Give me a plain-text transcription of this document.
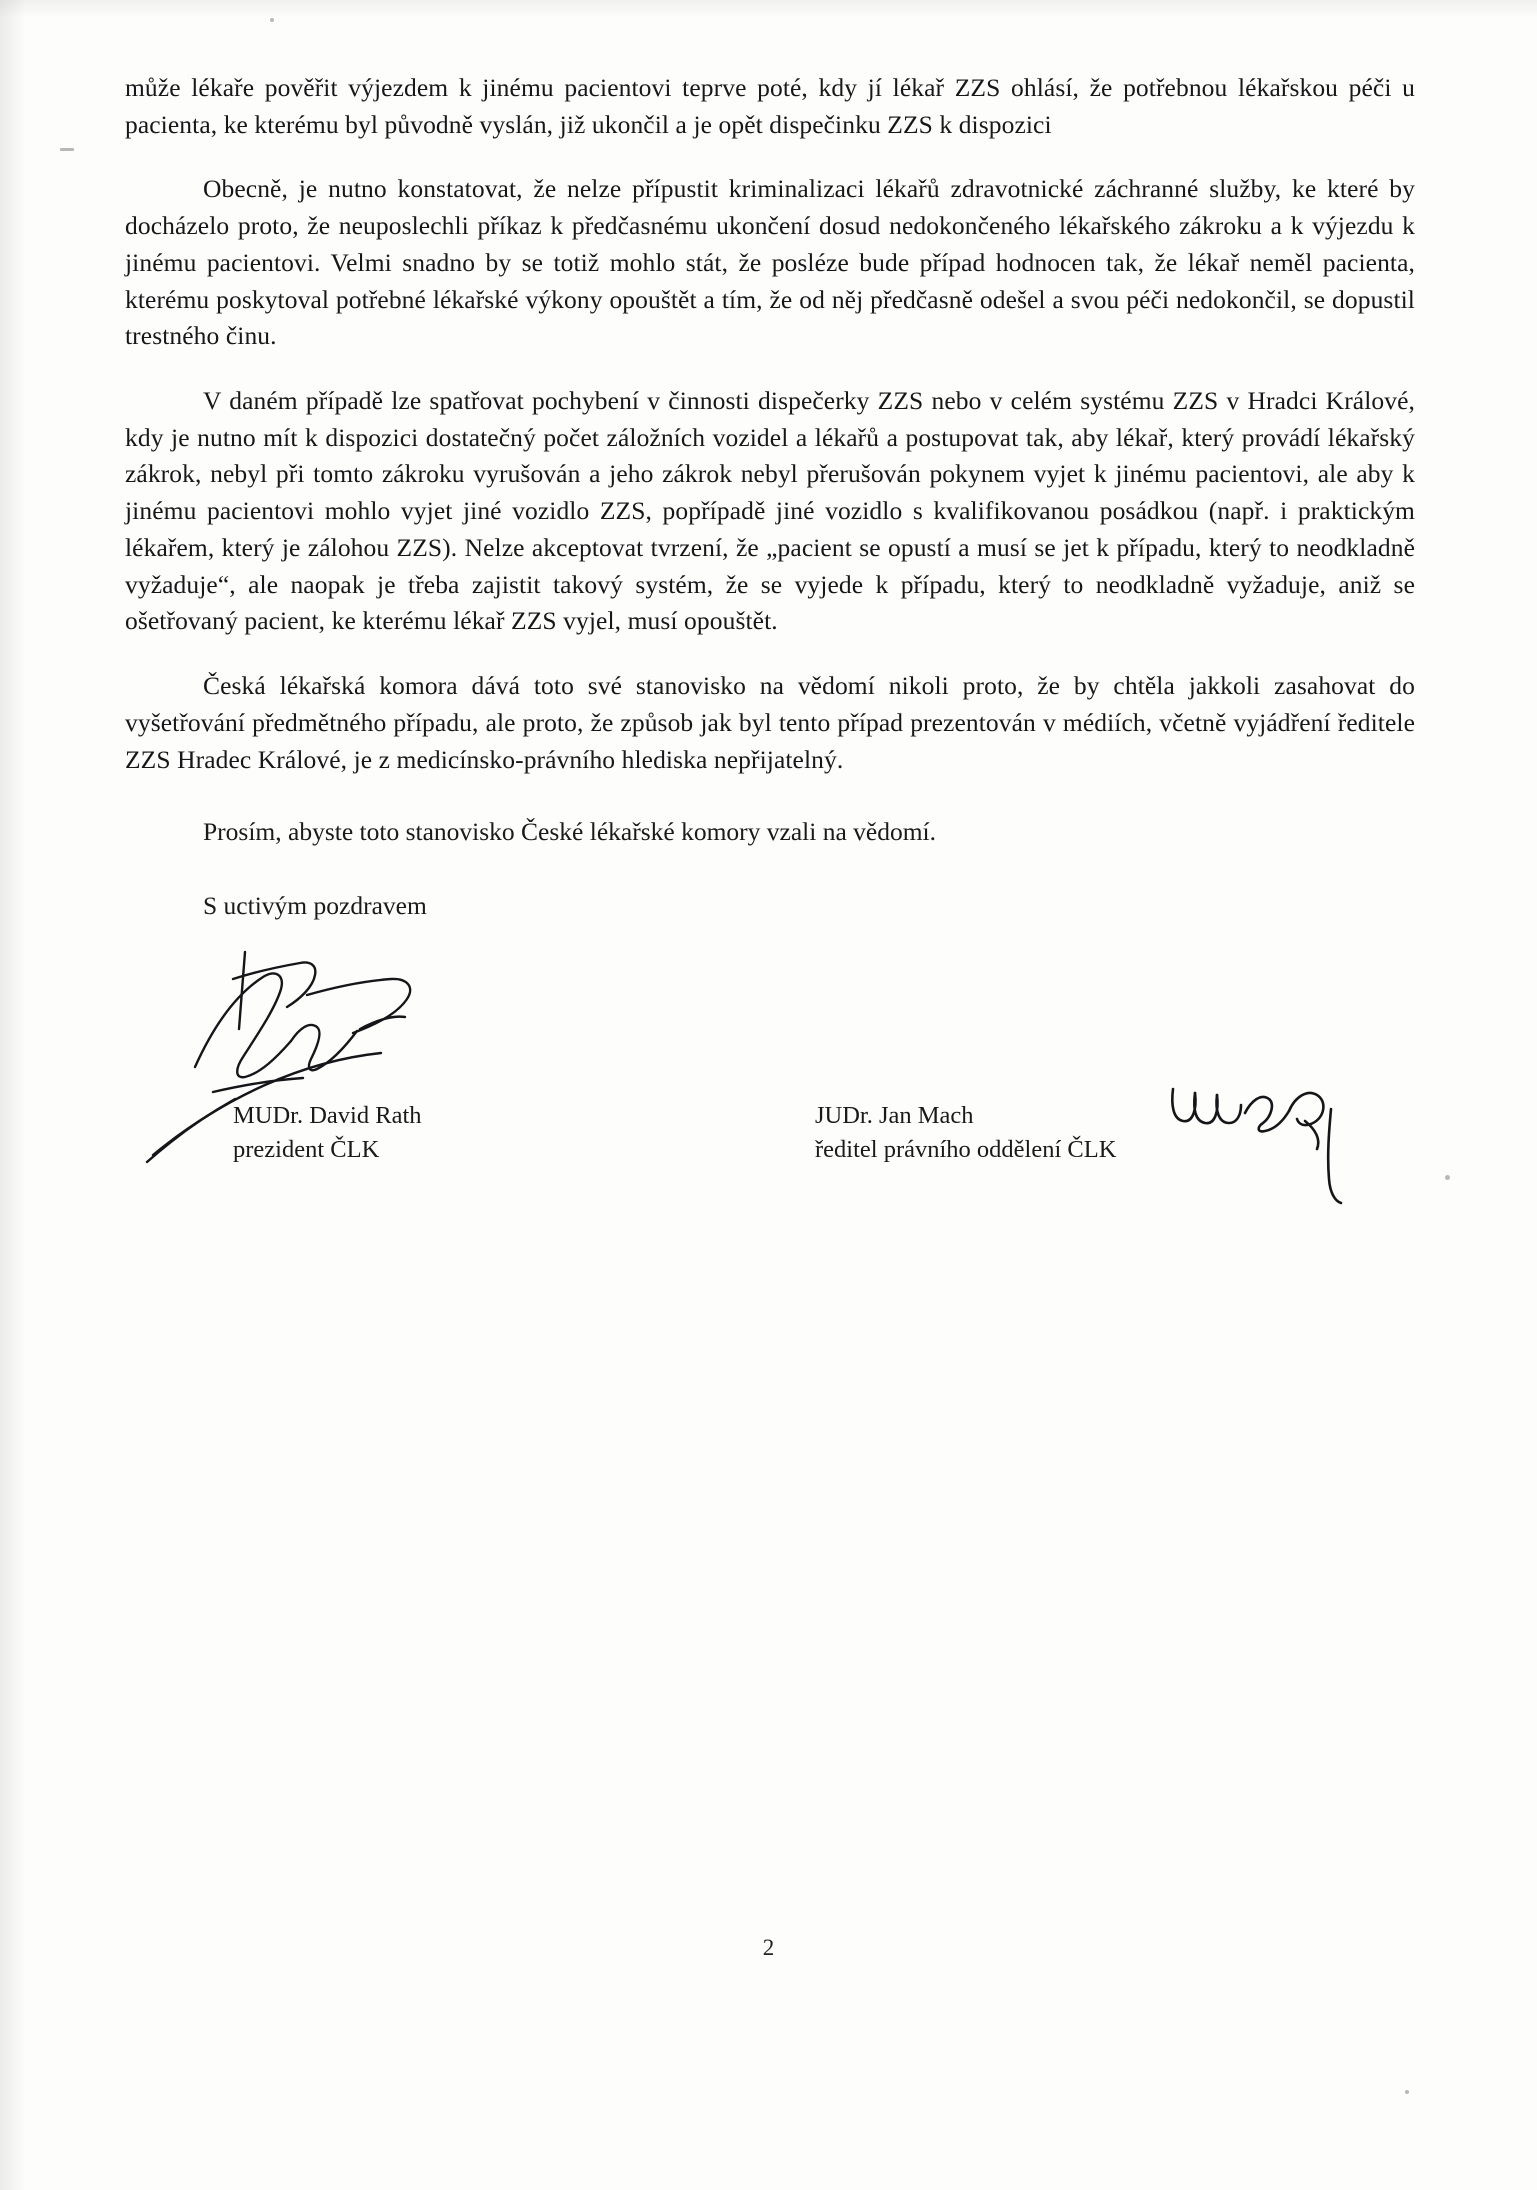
může lékaře pověřit výjezdem k jinému pacientovi teprve poté, kdy jí lékař ZZS ohlásí, že potřebnou lékařskou péči u pacienta, ke kterému byl původně vyslán, již ukončil a je opět dispečinku ZZS k dispozici

Obecně, je nutno konstatovat, že nelze přípustit kriminalizaci lékařů zdravotnické záchranné služby, ke které by docházelo proto, že neuposlechli příkaz k předčasnému ukončení dosud nedokončeného lékařského zákroku a k výjezdu k jinému pacientovi. Velmi snadno by se totiž mohlo stát, že posléze bude případ hodnocen tak, že lékař neměl pacienta, kterému poskytoval potřebné lékařské výkony opouštět a tím, že od něj předčasně odešel a svou péči nedokončil, se dopustil trestného činu.

V daném případě lze spatřovat pochybení v činnosti dispečerky ZZS nebo v celém systému ZZS v Hradci Králové, kdy je nutno mít k dispozici dostatečný počet záložních vozidel a lékařů a postupovat tak, aby lékař, který provádí lékařský zákrok, nebyl při tomto zákroku vyrušován a jeho zákrok nebyl přerušován pokynem vyjet k jinému pacientovi, ale aby k jinému pacientovi mohlo vyjet jiné vozidlo ZZS, popřípadě jiné vozidlo s kvalifikovanou posádkou (např. i praktickým lékařem, který je zálohou ZZS). Nelze akceptovat tvrzení, že „pacient se opustí a musí se jet k případu, který to neodkladně vyžaduje“, ale naopak je třeba zajistit takový systém, že se vyjede k případu, který to neodkladně vyžaduje, aniž se ošetřovaný pacient, ke kterému lékař ZZS vyjel, musí opouštět.

Česká lékařská komora dává toto své stanovisko na vědomí nikoli proto, že by chtěla jakkoli zasahovat do vyšetřování předmětného případu, ale proto, že způsob jak byl tento případ prezentován v médiích, včetně vyjádření ředitele ZZS Hradec Králové, je z medicínsko-právního hlediska nepřijatelný.

Prosím, abyste toto stanovisko České lékařské komory vzali na vědomí.
S uctivým pozdravem
MUDr. David Rath
prezident ČLK
JUDr. Jan Mach
ředitel právního oddělení ČLK
2
